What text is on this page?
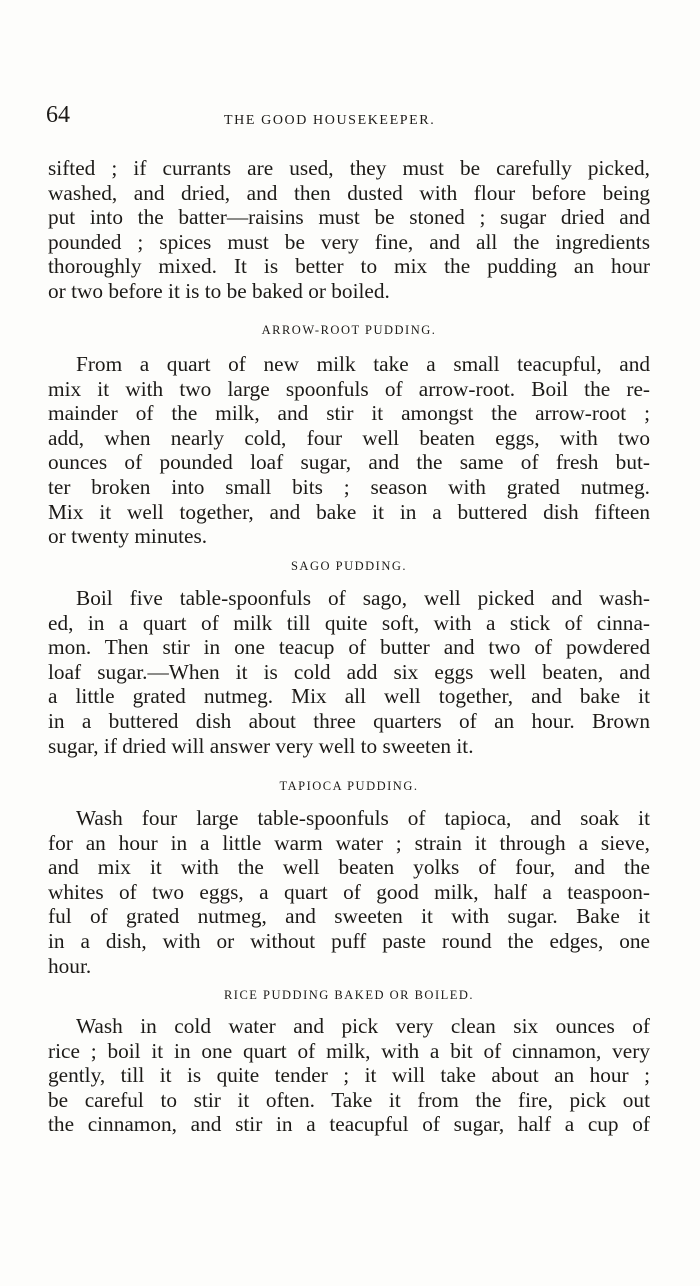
64	THE GOOD HOUSEKEEPER.

sifted ; if currants are used, they must be carefully picked,
washed, and dried, and then dusted with flour before being
put into the batter—raisins must be stoned ; sugar dried and
pounded ; spices must be very fine, and all the ingredients
thoroughly mixed. It is better to mix the pudding an hour
or two before it is to be baked or boiled.

ARROW-ROOT PUDDING.

From a quart of new milk take a small teacupful, and
mix it with two large spoonfuls of arrow-root. Boil the re-
mainder of the milk, and stir it amongst the arrow-root ;
add, when nearly cold, four well beaten eggs, with two
ounces of pounded loaf sugar, and the same of fresh but-
ter broken into small bits ; season with grated nutmeg.
Mix it well together, and bake it in a buttered dish fifteen
or twenty minutes.

SAGO PUDDING.

Boil five table-spoonfuls of sago, well picked and wash-
ed, in a quart of milk till quite soft, with a stick of cinna-
mon. Then stir in one teacup of butter and two of powdered
loaf sugar.—When it is cold add six eggs well beaten, and
a little grated nutmeg. Mix all well together, and bake it
in a buttered dish about three quarters of an hour. Brown
sugar, if dried will answer very well to sweeten it.

TAPIOCA PUDDING.

Wash four large table-spoonfuls of tapioca, and soak it
for an hour in a little warm water ; strain it through a sieve,
and mix it with the well beaten yolks of four, and the
whites of two eggs, a quart of good milk, half a teaspoon-
ful of grated nutmeg, and sweeten it with sugar. Bake it
in a dish, with or without puff paste round the edges, one
hour.

RICE PUDDING BAKED OR BOILED.

Wash in cold water and pick very clean six ounces of
rice ; boil it in one quart of milk, with a bit of cinnamon, very
gently, till it is quite tender ; it will take about an hour ;
be careful to stir it often. Take it from the fire, pick out
the cinnamon, and stir in a teacupful of sugar, half a cup of
